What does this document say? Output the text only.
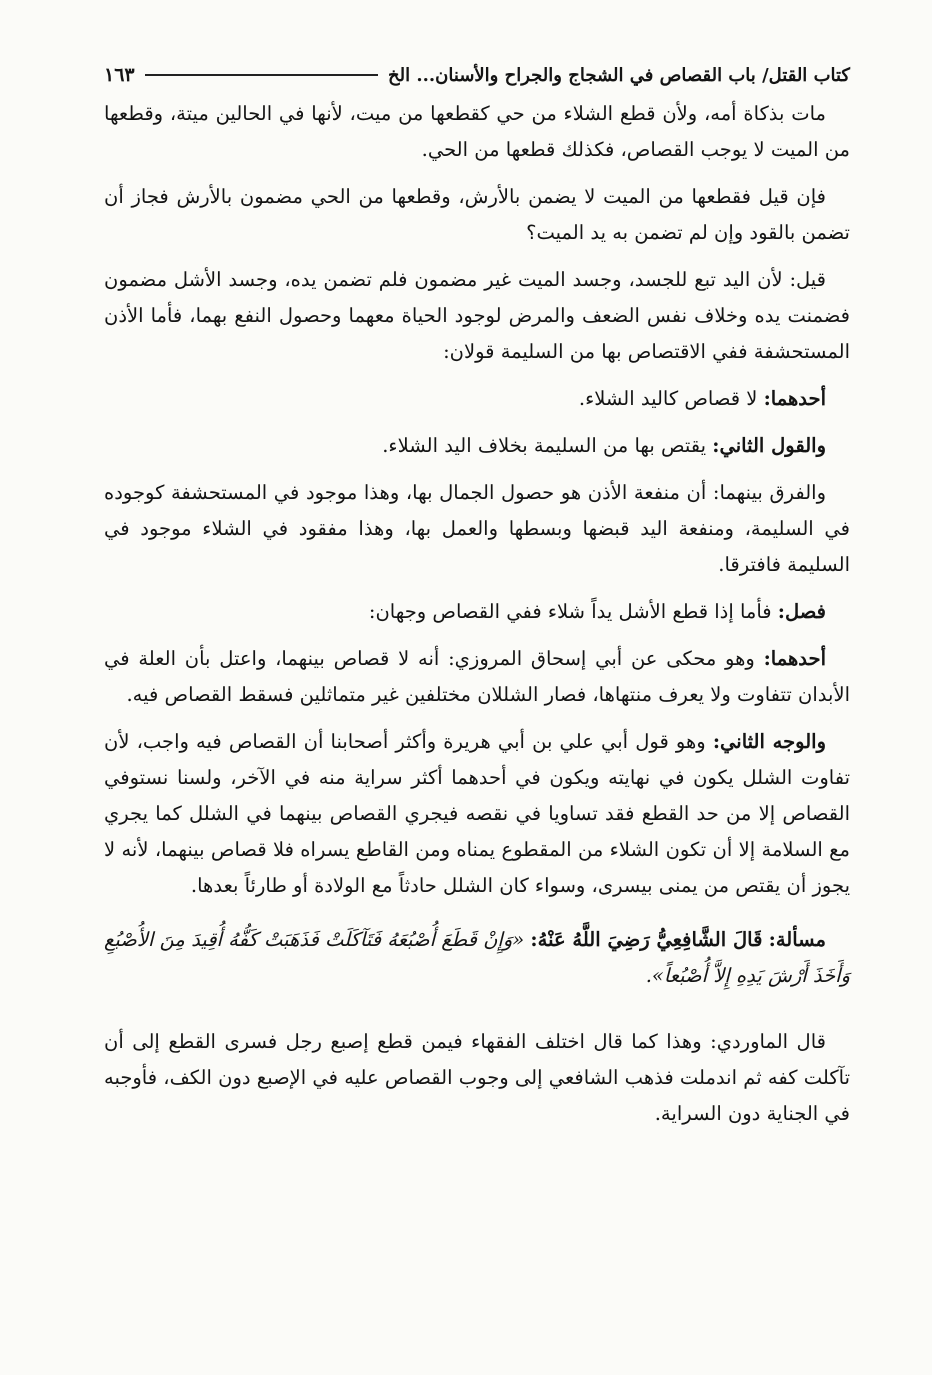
كتاب القتل/ باب القصاص في الشجاج والجراح والأسنان... الخ
١٦٣

مات بذكاة أمه، ولأن قطع الشلاء من حي كقطعها من ميت، لأنها في الحالين ميتة، وقطعها من الميت لا يوجب القصاص، فكذلك قطعها من الحي.

فإن قيل فقطعها من الميت لا يضمن بالأرش، وقطعها من الحي مضمون بالأرش فجاز أن تضمن بالقود وإن لم تضمن به يد الميت؟

قيل: لأن اليد تبع للجسد، وجسد الميت غير مضمون فلم تضمن يده، وجسد الأشل مضمون فضمنت يده وخلاف نفس الضعف والمرض لوجود الحياة معهما وحصول النفع بهما، فأما الأذن المستحشفة ففي الاقتصاص بها من السليمة قولان:

أحدهما: لا قصاص كاليد الشلاء.

والقول الثاني: يقتص بها من السليمة بخلاف اليد الشلاء.

والفرق بينهما: أن منفعة الأذن هو حصول الجمال بها، وهذا موجود في المستحشفة كوجوده في السليمة، ومنفعة اليد قبضها وبسطها والعمل بها، وهذا مفقود في الشلاء موجود في السليمة فافترقا.

فصل: فأما إذا قطع الأشل يداً شلاء ففي القصاص وجهان:

أحدهما: وهو محكى عن أبي إسحاق المروزي: أنه لا قصاص بينهما، واعتل بأن العلة في الأبدان تتفاوت ولا يعرف منتهاها، فصار الشللان مختلفين غير متماثلين فسقط القصاص فيه.

والوجه الثاني: وهو قول أبي علي بن أبي هريرة وأكثر أصحابنا أن القصاص فيه واجب، لأن تفاوت الشلل يكون في نهايته ويكون في أحدهما أكثر سراية منه في الآخر، ولسنا نستوفي القصاص إلا من حد القطع فقد تساويا في نقصه فيجري القصاص بينهما في الشلل كما يجري مع السلامة إلا أن تكون الشلاء من المقطوع يمناه ومن القاطع يسراه فلا قصاص بينهما، لأنه لا يجوز أن يقتص من يمنى بيسرى، وسواء كان الشلل حادثاً مع الولادة أو طارئاً بعدها.

مسألة: قَالَ الشَّافِعِيُّ رَضِيَ اللَّهُ عَنْهُ: «وَإِنْ قَطَعَ أُصْبُعَهُ فَتَآكَلَتْ فَذَهَبَتْ كَفُّهُ أُقِيدَ مِنَ الأُصْبُعِ وَأَخَذَ أَرْشَ يَدِهِ إِلاَّ أُصْبُعاً».

قال الماوردي: وهذا كما قال اختلف الفقهاء فيمن قطع إصبع رجل فسرى القطع إلى أن تآكلت كفه ثم اندملت فذهب الشافعي إلى وجوب القصاص عليه في الإصبع دون الكف، فأوجبه في الجناية دون السراية.
